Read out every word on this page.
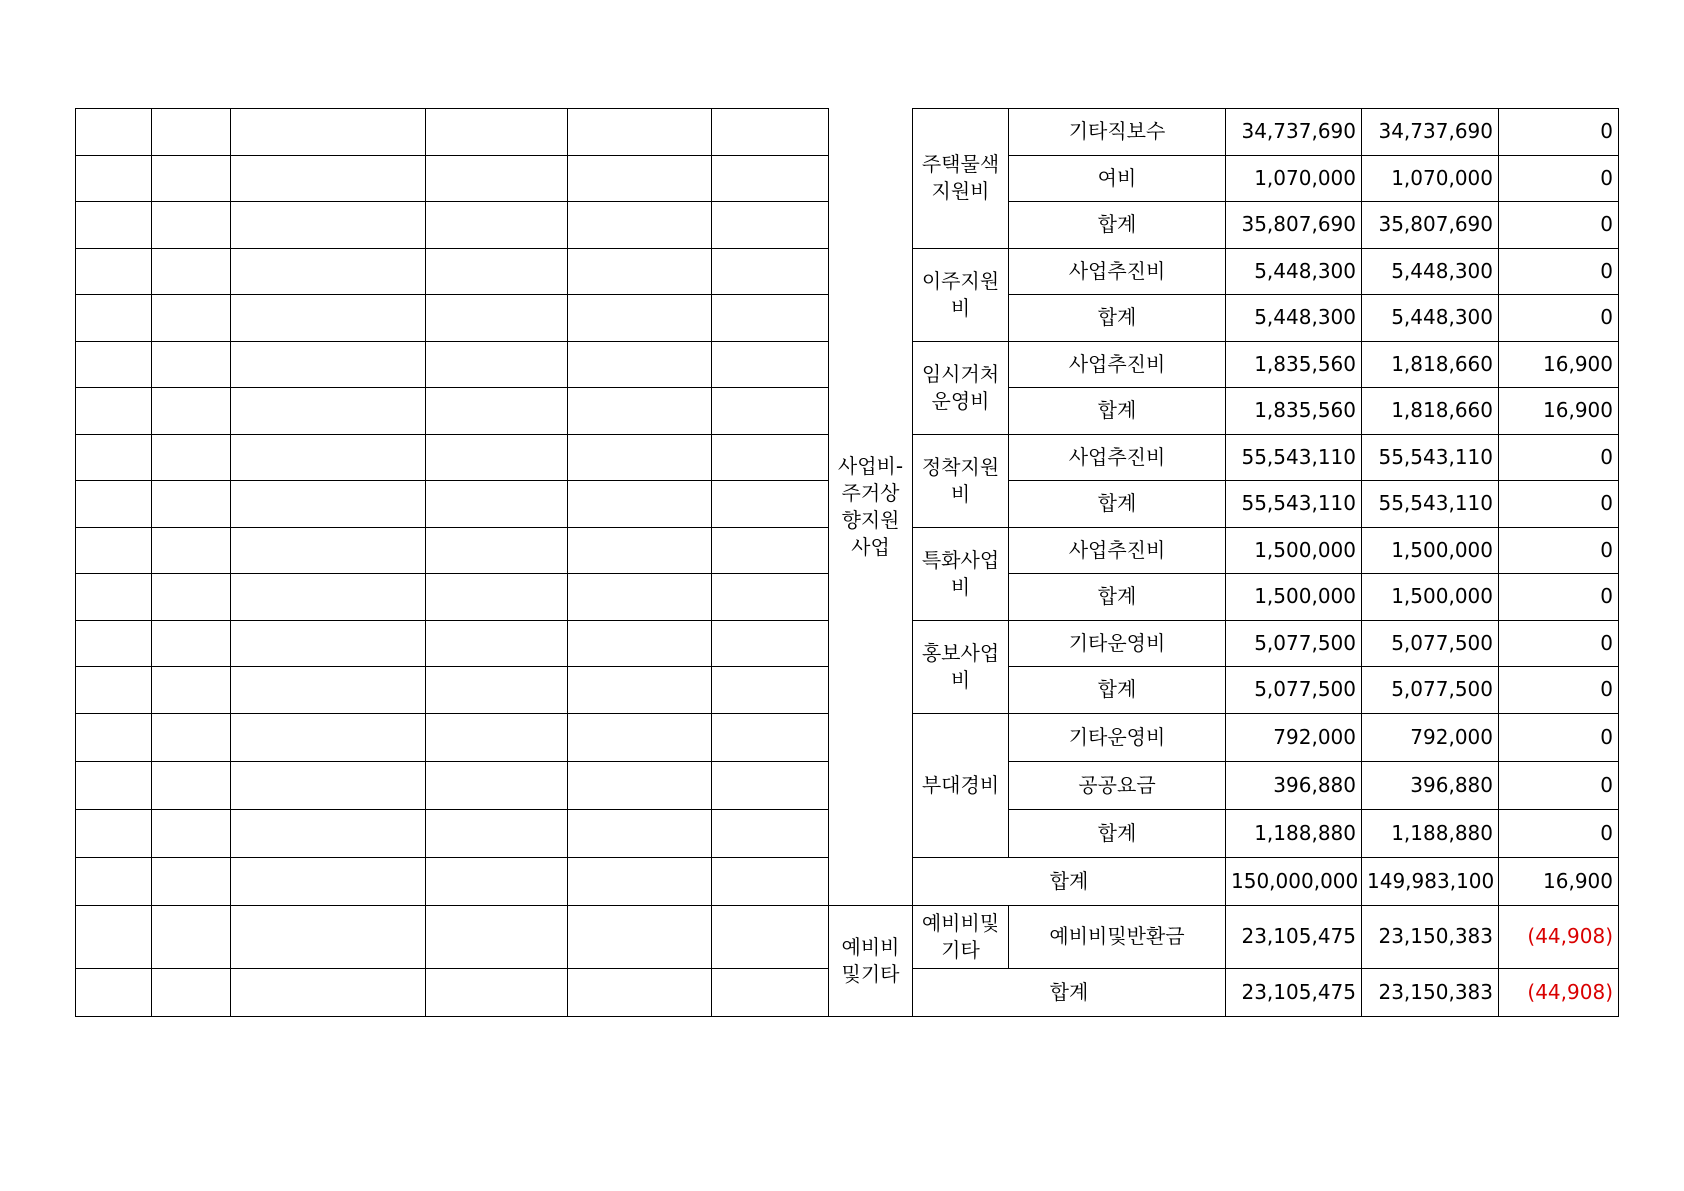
						사업비-주거상향지원사업	주택물색지원비	기타직보수	34,737,690	34,737,690	0
								여비	1,070,000	1,070,000	0
								합계	35,807,690	35,807,690	0
							이주지원비	사업추진비	5,448,300	5,448,300	0
								합계	5,448,300	5,448,300	0
							임시거처운영비	사업추진비	1,835,560	1,818,660	16,900
								합계	1,835,560	1,818,660	16,900
							정착지원비	사업추진비	55,543,110	55,543,110	0
								합계	55,543,110	55,543,110	0
							특화사업비	사업추진비	1,500,000	1,500,000	0
								합계	1,500,000	1,500,000	0
							홍보사업비	기타운영비	5,077,500	5,077,500	0
								합계	5,077,500	5,077,500	0
							부대경비	기타운영비	792,000	792,000	0
								공공요금	396,880	396,880	0
								합계	1,188,880	1,188,880	0
							합계		150,000,000	149,983,100	16,900
						예비비및기타	예비비및기타	예비비및반환금	23,105,475	23,150,383	(44,908)
							합계		23,105,475	23,150,383	(44,908)
